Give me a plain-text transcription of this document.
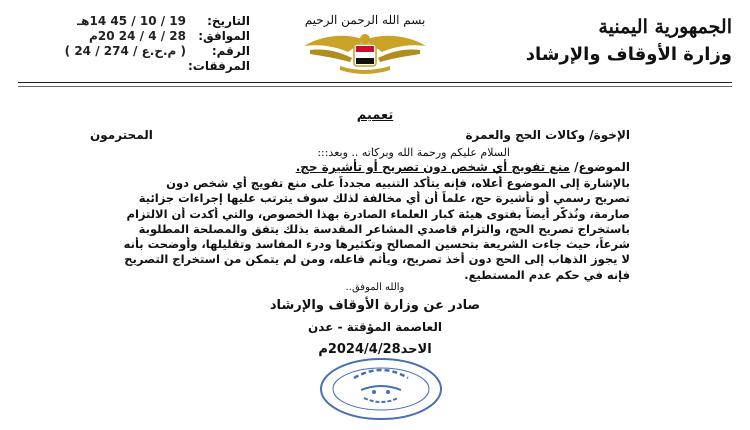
الجمهورية اليمنية
وزارة الأوقاف والإرشاد
بسم الله الرحمن الرحيم
التاريخ:
19 / 10 / 45 14هـ
الموافق:
28 / 4 / 24 20م
الرقم:
( م.ح.ع / 274 / 24 )
المرفقات:
تعميم
الإخوة/ وكالات الحج والعمرة
المحترمون
السلام عليكم ورحمة الله وبركاته .. وبعد:::
الموضوع/ منع تفويج أي شخص دون تصريح أو تأشيرة حج.
بالإشارة إلى الموضوع أعلاه، فإنه يتأكد التنبيه مجدداً على منع تفويج أي شخص دون
تصريح رسمي أو تأشيرة حج، علماً أن أي مخالفة لذلك سوف يترتب عليها إجراءات جزائية
صارمة، ونُذكّر أيضاً بفتوى هيئة كبار العلماء الصادرة بهذا الخصوص، والتي أكدت أن الالتزام
باستخراج تصريح الحج، والتزام قاصدي المشاعر المقدسة بذلك يتفق والمصلحة المطلوبة
شرعاً، حيث جاءت الشريعة بتحسين المصالح وتكثيرها ودرء المفاسد وتقليلها، وأوضحت بأنه
لا يجوز الذهاب إلى الحج دون أخذ تصريح، ويأثم فاعله، ومن لم يتمكن من استخراج التصريح
فإنه في حكم عدم المستطيع.
والله الموفق..
صادر عن وزارة الأوقاف والإرشاد
العاصمة المؤقتة - عدن
الاحد2024/4/28م
